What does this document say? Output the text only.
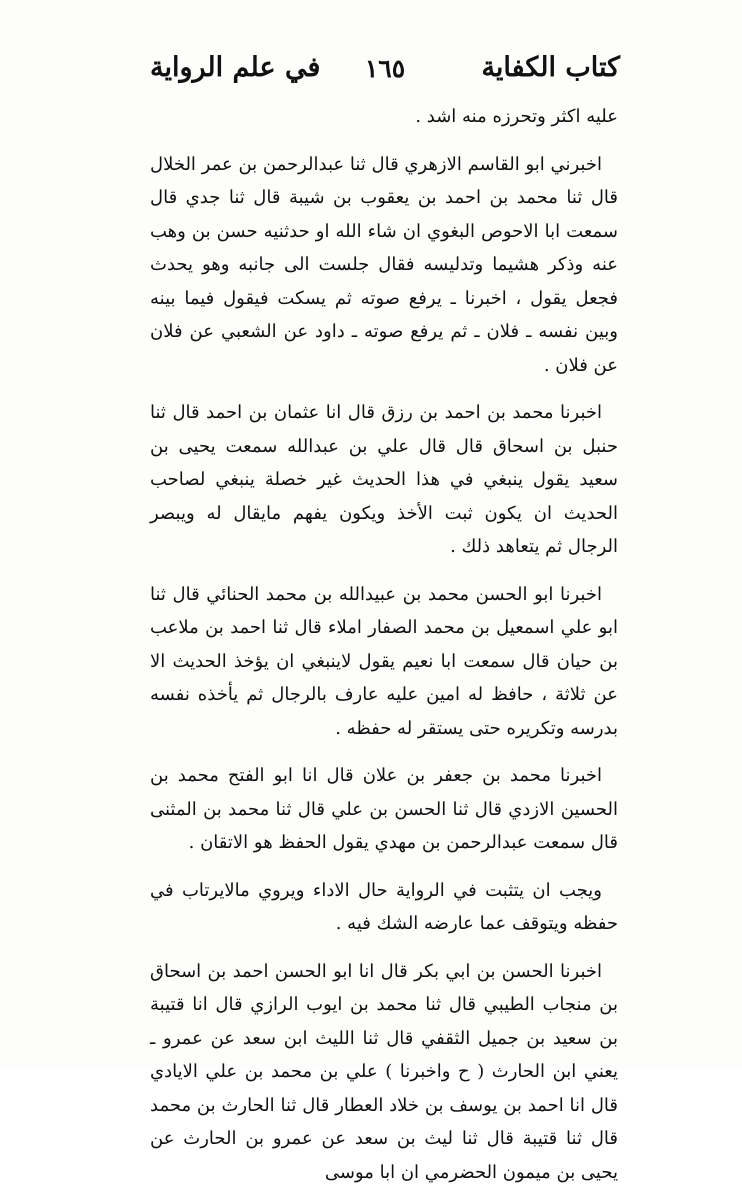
كتاب الكفاية
١٦٥
في علم الرواية

عليه اكثر وتحرزه منه اشد .

اخبرني ابو القاسم الازهري قال ثنا عبدالرحمن بن عمر الخلال قال ثنا محمد بن احمد بن يعقوب بن شيبة قال ثنا جدي قال سمعت ابا الاحوص البغوي ان شاء الله او حدثنيه حسن بن وهب عنه وذكر هشيما وتدليسه فقال جلست الى جانبه وهو يحدث فجعل يقول ، اخبرنا ـ يرفع صوته ثم يسكت فيقول فيما بينه وبين نفسه ـ فلان ـ ثم يرفع صوته ـ داود عن الشعبي عن فلان عن فلان .

اخبرنا محمد بن احمد بن رزق قال انا عثمان بن احمد قال ثنا حنبل بن اسحاق قال قال علي بن عبدالله سمعت يحيى بن سعيد يقول ينبغي في هذا الحديث غير خصلة ينبغي لصاحب الحديث ان يكون ثبت الأخذ ويكون يفهم مايقال له ويبصر الرجال ثم يتعاهد ذلك .

اخبرنا ابو الحسن محمد بن عبيدالله بن محمد الحنائي قال ثنا ابو علي اسمعيل بن محمد الصفار املاء قال ثنا احمد بن ملاعب بن حيان قال سمعت ابا نعيم يقول لاينبغي ان يؤخذ الحديث الا عن ثلاثة ، حافظ له امين عليه عارف بالرجال ثم يأخذه نفسه بدرسه وتكريره حتى يستقر له حفظه .

اخبرنا محمد بن جعفر بن علان قال انا ابو الفتح محمد بن الحسين الازدي قال ثنا الحسن بن علي قال ثنا محمد بن المثنى قال سمعت عبدالرحمن بن مهدي يقول الحفظ هو الاتقان .

ويجب ان يتثبت في الرواية حال الاداء ويروي مالايرتاب في حفظه ويتوقف عما عارضه الشك فيه .

اخبرنا الحسن بن ابي بكر قال انا ابو الحسن احمد بن اسحاق بن منجاب الطيبي قال ثنا محمد بن ايوب الرازي قال انا قتيبة بن سعيد بن جميل الثقفي قال ثنا الليث ابن سعد عن عمرو ـ يعني ابن الحارث ( ح واخبرنا ) علي بن محمد بن علي الايادي قال انا احمد بن يوسف بن خلاد العطار قال ثنا الحارث بن محمد قال ثنا قتيبة قال ثنا ليث بن سعد عن عمرو بن الحارث عن يحيى بن ميمون الحضرمي ان ابا موسى
